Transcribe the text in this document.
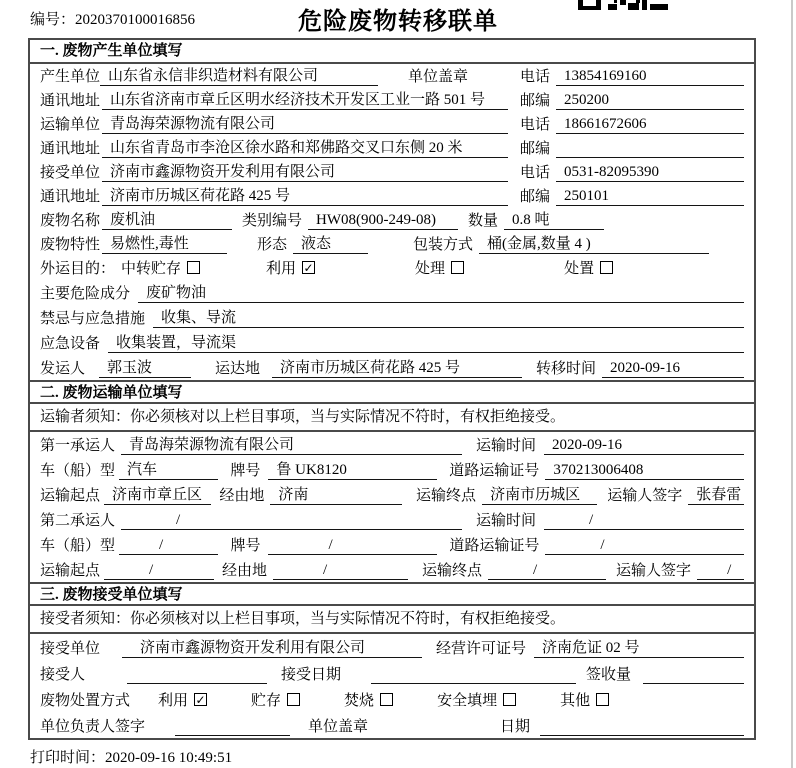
编号：2020370100016856	危险废物转移联单
一. 废物产生单位填写
产生单位 山东省永信非织造材料有限公司	单位盖章	电话 13854169160
通讯地址 山东省济南市章丘区明水经济技术开发区工业一路 501 号	邮编 250200
运输单位 青岛海荣源物流有限公司	电话 18661672606
通讯地址 山东省青岛市李沧区徐水路和郑佛路交叉口东侧 20 米	邮编
接受单位 济南市鑫源物资开发利用有限公司	电话 0531-82095390
通讯地址 济南市历城区荷花路 425 号	邮编 250101
废物名称 废机油	类别编号 HW08(900-249-08)	数量 0.8 吨
废物特性 易燃性,毒性	形态 液态	包装方式 桶(金属,数量 4 )
外运目的： 中转贮存	利用 ✓	处理	处置
主要危险成分	废矿物油
禁忌与应急措施	收集、导流
应急设备	收集装置，导流渠
发运人	郭玉波	运达地	济南市历城区荷花路 425 号	转移时间 2020-09-16
二. 废物运输单位填写
运输者须知：你必须核对以上栏目事项，当与实际情况不符时，有权拒绝接受。
第一承运人 青岛海荣源物流有限公司	运输时间	2020-09-16
车（船）型 汽车	牌号	鲁 UK8120	道路运输证号 370213006408
运输起点 济南市章丘区	经由地 济南	运输终点 济南市历城区	运输人签字 张春雷
第二承运人	/	运输时间	/
车（船）型	/	牌号	/	道路运输证号	/
运输起点	/	经由地	/	运输终点	/	运输人签字	/
三. 废物接受单位填写
接受者须知：你必须核对以上栏目事项，当与实际情况不符时，有权拒绝接受。
接受单位	济南市鑫源物资开发利用有限公司	经营许可证号	济南危证 02 号
接受人	接受日期	签收量
废物处置方式 利用 ✓	贮存	焚烧	安全填埋	其他
单位负责人签字	单位盖章	日期
打印时间：2020-09-16 10:49:51
